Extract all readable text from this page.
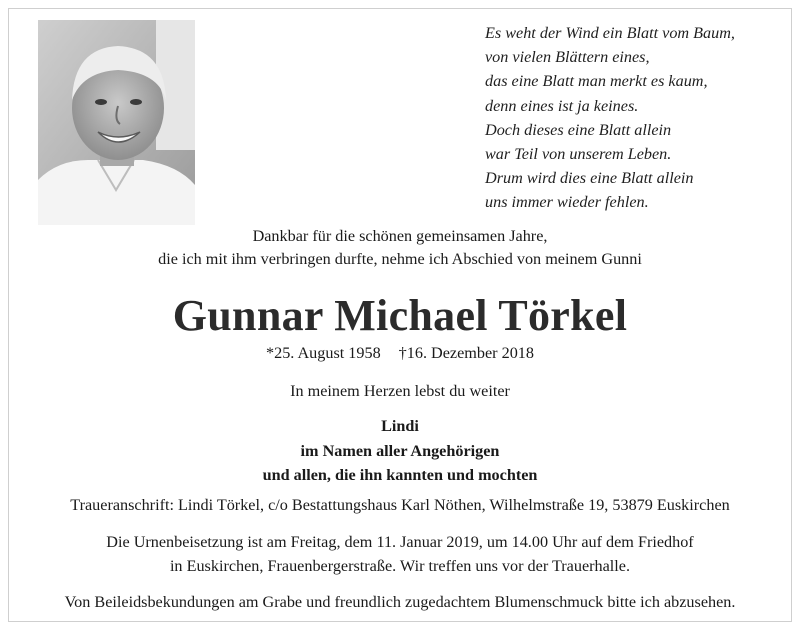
Es weht der Wind ein Blatt vom Baum,
von vielen Blättern eines,
das eine Blatt man merkt es kaum,
denn eines ist ja keines.
Doch dieses eine Blatt allein
war Teil von unserem Leben.
Drum wird dies eine Blatt allein
uns immer wieder fehlen.
Dankbar für die schönen gemeinsamen Jahre,
die ich mit ihm verbringen durfte, nehme ich Abschied von meinem Gunni
Gunnar Michael Törkel
*25. August 1958 †16. Dezember 2018
In meinem Herzen lebst du weiter
Lindi
im Namen aller Angehörigen
und allen, die ihn kannten und mochten
Traueranschrift: Lindi Törkel, c/o Bestattungshaus Karl Nöthen, Wilhelmstraße 19, 53879 Euskirchen
Die Urnenbeisetzung ist am Freitag, dem 11. Januar 2019, um 14.00 Uhr auf dem Friedhof
in Euskirchen, Frauenbergerstraße. Wir treffen uns vor der Trauerhalle.
Von Beileidsbekundungen am Grabe und freundlich zugedachtem Blumenschmuck bitte ich abzusehen.
